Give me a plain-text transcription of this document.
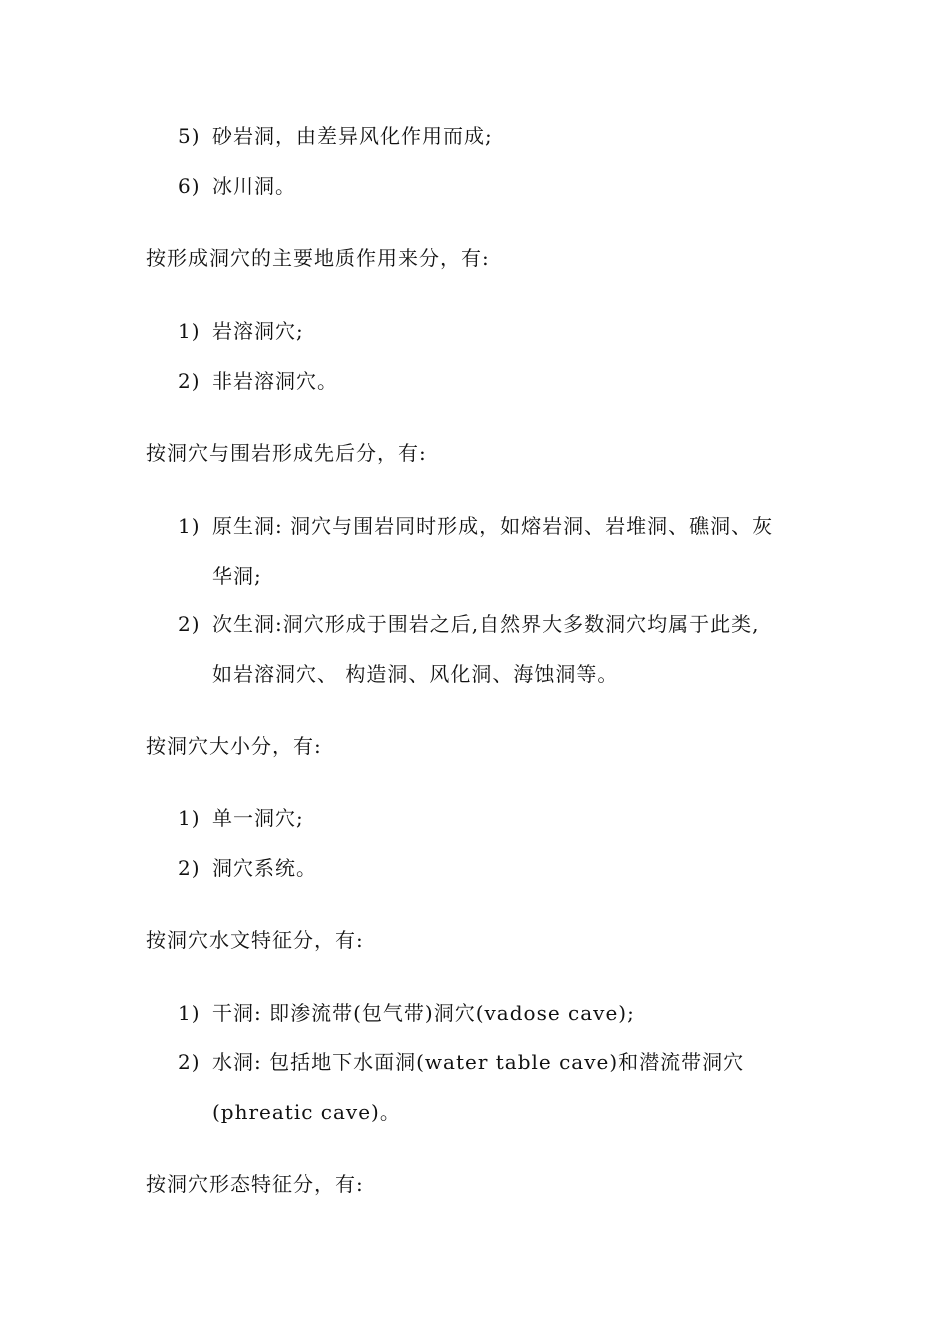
5) 砂岩洞，由差异风化作用而成;
6) 冰川洞。
按形成洞穴的主要地质作用来分，有:
1) 岩溶洞穴;
2) 非岩溶洞穴。
按洞穴与围岩形成先后分，有:
1) 原生洞: 洞穴与围岩同时形成，如熔岩洞、岩堆洞、礁洞、灰
华洞;
2) 次生洞:洞穴形成于围岩之后,自然界大多数洞穴均属于此类,
如岩溶洞穴、 构造洞、风化洞、海蚀洞等。
按洞穴大小分，有:
1) 单一洞穴;
2) 洞穴系统。
按洞穴水文特征分，有:
1) 干洞: 即渗流带(包气带)洞穴(vadose cave);
2) 水洞: 包括地下水面洞(water table cave)和潜流带洞穴
(phreatic cave)。
按洞穴形态特征分，有:
